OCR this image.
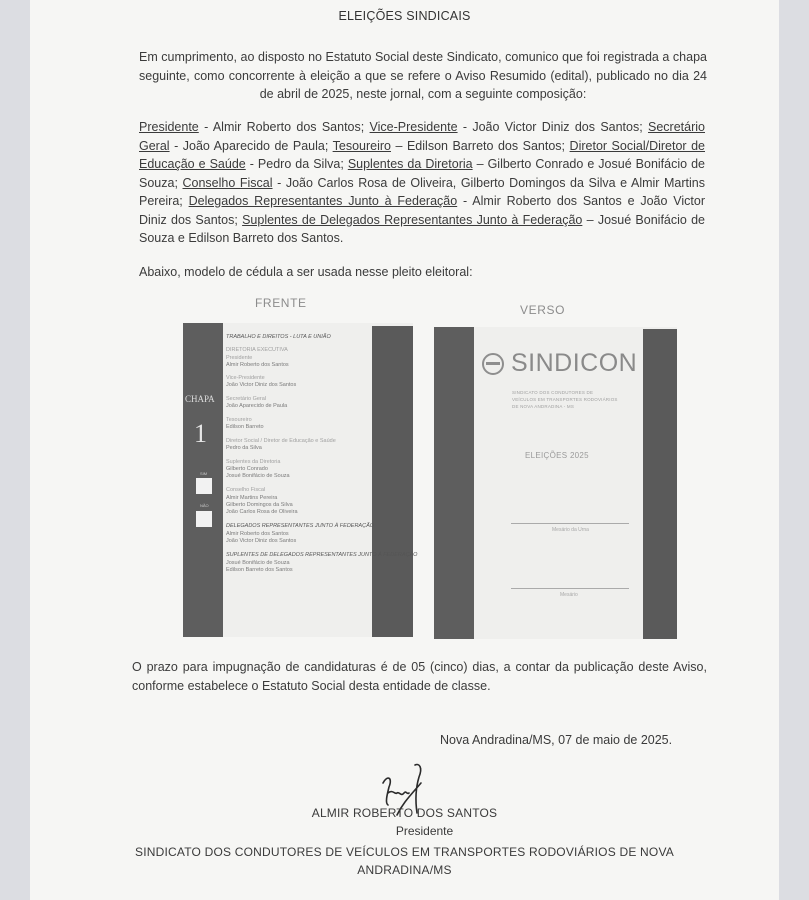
ELEIÇÕES SINDICAIS
Em cumprimento, ao disposto no Estatuto Social deste Sindicato, comunico que foi registrada a chapa seguinte, como concorrente à eleição a que se refere o Aviso Resumido (edital), publicado no dia 24 de abril de 2025, neste jornal, com a seguinte composição:
Presidente - Almir Roberto dos Santos; Vice-Presidente - João Victor Diniz dos Santos; Secretário Geral - João Aparecido de Paula; Tesoureiro – Edilson Barreto dos Santos; Diretor Social/Diretor de Educação e Saúde - Pedro da Silva; Suplentes da Diretoria – Gilberto Conrado e Josué Bonifácio de Souza; Conselho Fiscal - João Carlos Rosa de Oliveira, Gilberto Domingos da Silva e Almir Martins Pereira; Delegados Representantes Junto à Federação - Almir Roberto dos Santos e João Victor Diniz dos Santos; Suplentes de Delegados Representantes Junto à Federação – Josué Bonifácio de Souza e Edilson Barreto dos Santos.
Abaixo, modelo de cédula a ser usada nesse pleito eleitoral:
FRENTE	VERSO
CHAPA
1
SIM
NÃO
TRABALHO E DIREITOS - LUTA E UNIÃO
DIRETORIA EXECUTIVA
Presidente
Almir Roberto dos Santos
Vice-Presidente
João Victor Diniz dos Santos
Secretário Geral
João Aparecido de Paula
Tesoureiro
Edilson Barreto
Diretor Social / Diretor de Educação e Saúde
Pedro da Silva
Suplentes da Diretoria
Gilberto Conrado
Josué Bonifácio de Souza
Conselho Fiscal
Almir Martins Pereira
Gilberto Domingos da Silva
João Carlos Rosa de Oliveira
DELEGADOS REPRESENTANTES JUNTO À FEDERAÇÃO
Almir Roberto dos Santos
João Victor Diniz dos Santos
SUPLENTES DE DELEGADOS REPRESENTANTES JUNTO À FEDERAÇÃO
Josué Bonifácio de Souza
Edilson Barreto dos Santos
SINDICON
SINDICATO DOS CONDUTORES DE
VEÍCULOS EM TRANSPORTES RODOVIÁRIOS
DE NOVA ANDRADINA - MS
ELEIÇÕES 2025
Mesário da Urna
Mesário
O prazo para impugnação de candidaturas é de 05 (cinco) dias, a contar da publicação deste Aviso, conforme estabelece o Estatuto Social desta entidade de classe.
Nova Andradina/MS, 07 de maio de 2025.
ALMIR ROBERTO DOS SANTOS
Presidente
SINDICATO DOS CONDUTORES DE VEÍCULOS EM TRANSPORTES RODOVIÁRIOS DE NOVA
ANDRADINA/MS
